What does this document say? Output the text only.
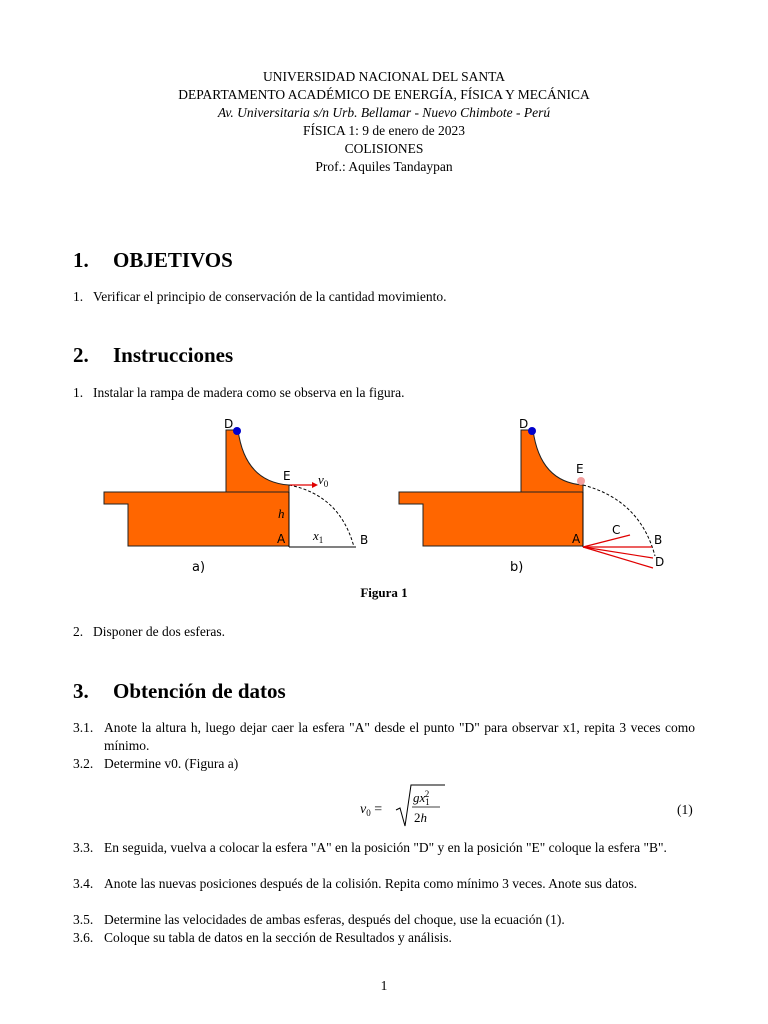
UNIVERSIDAD NACIONAL DEL SANTA
DEPARTAMENTO ACADÉMICO DE ENERGÍA, FÍSICA Y MECÁNICA
Av. Universitaria s/n Urb. Bellamar - Nuevo Chimbote - Perú
FÍSICA 1: 9 de enero de 2023
COLISIONES
Prof.: Aquiles Tandaypan
1. OBJETIVOS
1. Verificar el principio de conservación de la cantidad movimiento.
2. Instrucciones
1. Instalar la rampa de madera como se observa en la figura.
D
E
A	B
h
$x_1$
$v_0$
a)
D
E
C
A	B
D
b)
Figura 1
2. Disponer de dos esferas.
3. Obtención de datos
3.1. Anote la altura h, luego dejar caer la esfera "A" desde el punto "D" para observar x1, repita 3 veces como mínimo.
3.2. Determine v0. (Figura a)
$v_0$ =
$gx_12$
2h
(1)
3.3. En seguida, vuelva a colocar la esfera "A" en la posición "D" y en la posición "E" coloque la esfera "B".
3.4. Anote las nuevas posiciones después de la colisión. Repita como mínimo 3 veces. Anote sus datos.
3.5. Determine las velocidades de ambas esferas, después del choque, use la ecuación (1).
3.6. Coloque su tabla de datos en la sección de Resultados y análisis.
1
